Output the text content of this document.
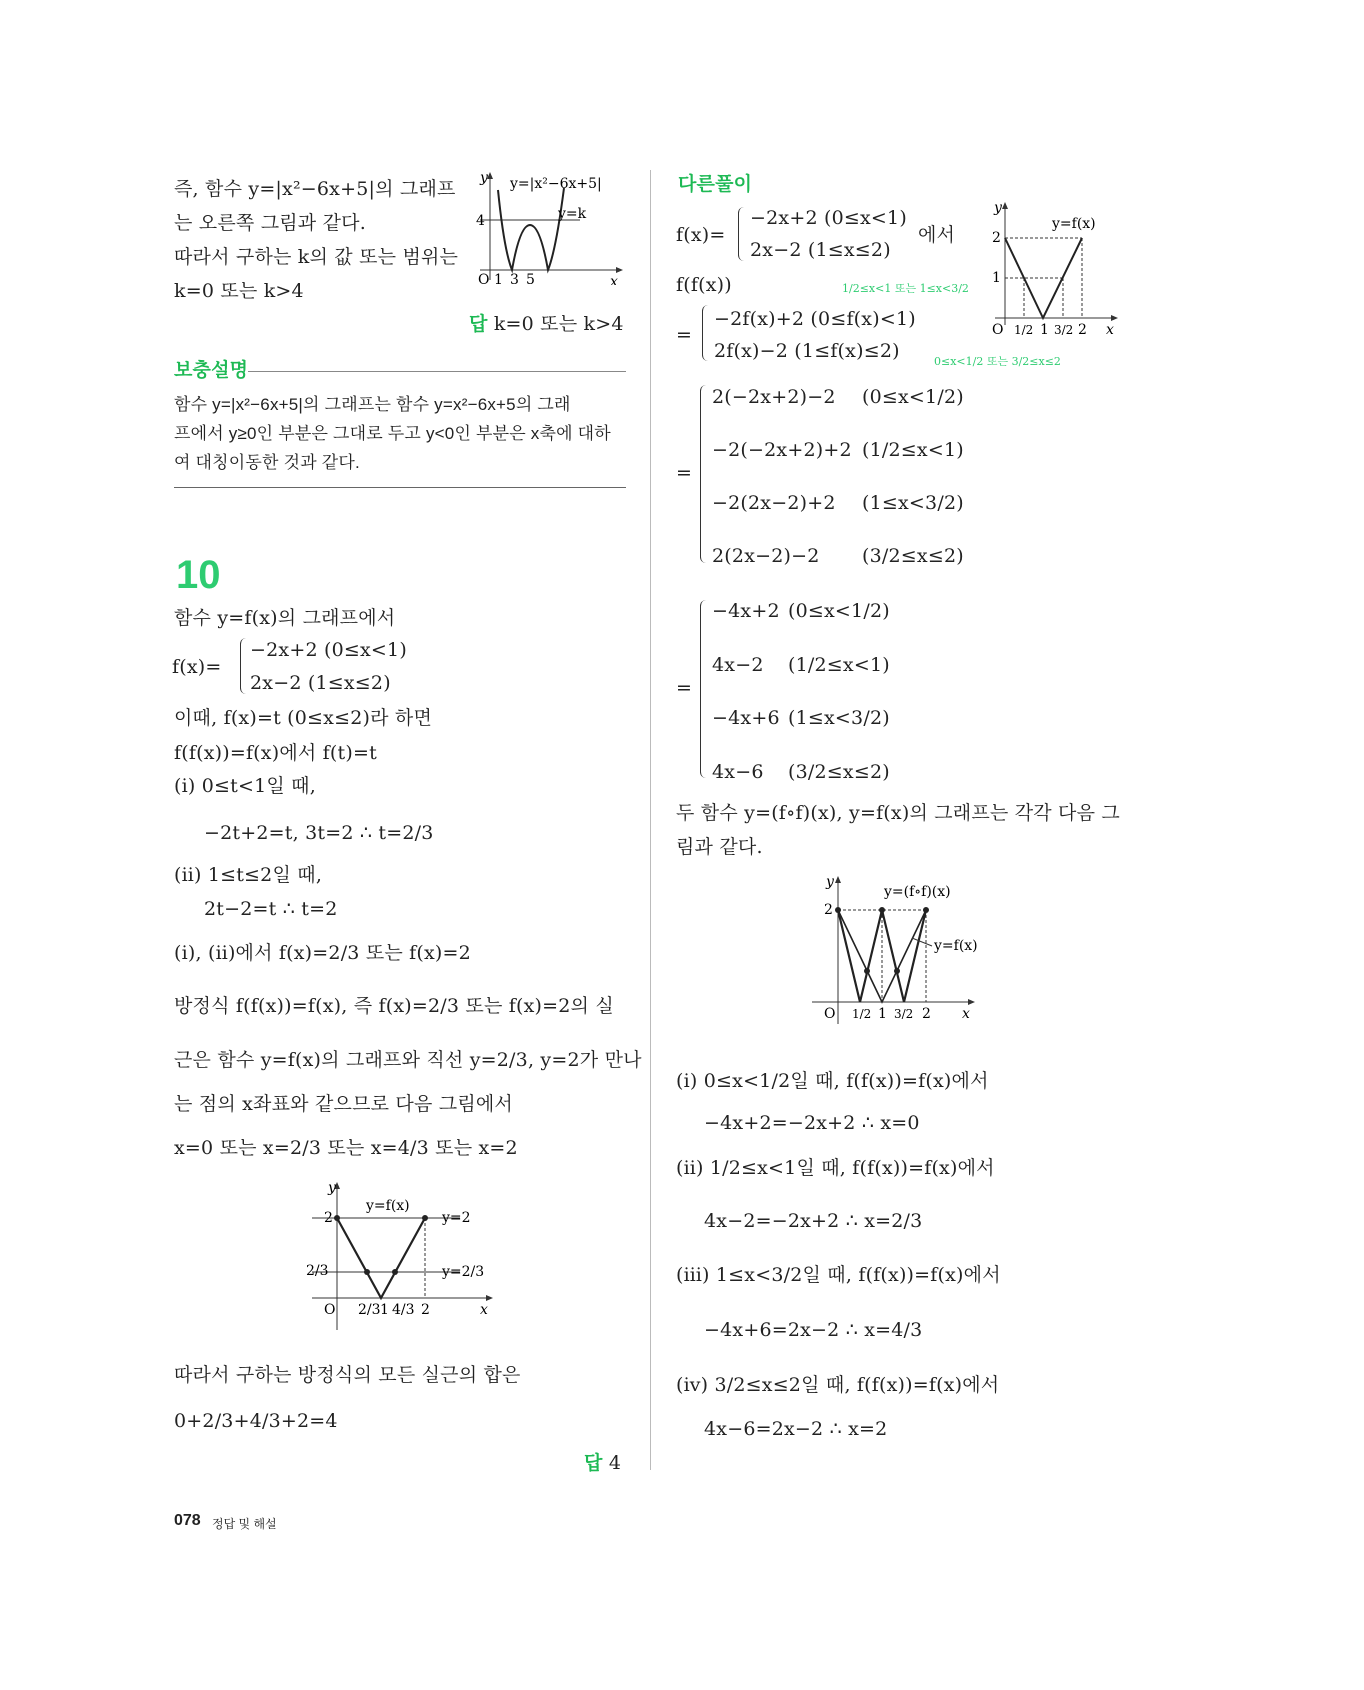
즉, 함수 y=|x²−6x+5|의 그래프
는 오른쪽 그림과 같다.
따라서 구하는 k의 값 또는 범위는
k=0 또는 k>4
y
x
y=|x²−6x+5|
y=k
4
O 1 3 5
답 k=0 또는 k>4
보충설명
함수 y=|x²−6x+5|의 그래프는 함수 y=x²−6x+5의 그래
프에서 y≥0인 부분은 그대로 두고 y<0인 부분은 x축에 대하
여 대칭이동한 것과 같다.
10
함수 y=f(x)의 그래프에서
f(x)=
−2x+2 (0≤x<1)
2x−2 (1≤x≤2)
이때, f(x)=t (0≤x≤2)라 하면
f(f(x))=f(x)에서 f(t)=t
(ⅰ) 0≤t<1일 때,
−2t+2=t, 3t=2 ∴ t=2/3
(ⅱ) 1≤t≤2일 때,
2t−2=t ∴ t=2
(ⅰ), (ⅱ)에서 f(x)=2/3 또는 f(x)=2
방정식 f(f(x))=f(x), 즉 f(x)=2/3 또는 f(x)=2의 실
근은 함수 y=f(x)의 그래프와 직선 y=2/3, y=2가 만나
는 점의 x좌표와 같으므로 다음 그림에서
x=0 또는 x=2/3 또는 x=4/3 또는 x=2
y
x
y=f(x)
y=2
y=2/3
2
2/3
O 2/3 1 4/3 2
따라서 구하는 방정식의 모든 실근의 합은
0+2/3+4/3+2=4
답 4
다른풀이
f(x)=
−2x+2 (0≤x<1)
2x−2 (1≤x≤2)
에서
f(f(x))	1/2≤x<1 또는 1≤x<3/2
=
−2f(x)+2 (0≤f(x)<1)
2f(x)−2 (1≤f(x)≤2)	0≤x<1/2 또는 3/2≤x≤2
y
x
y=f(x)
2
1
O 1/2 1 3/2 2
=
2(−2x+2)−2 (0≤x<1/2)
−2(−2x+2)+2 (1/2≤x<1)
−2(2x−2)+2 (1≤x<3/2)
2(2x−2)−2 (3/2≤x≤2)
=
−4x+2 (0≤x<1/2)
4x−2 (1/2≤x<1)
−4x+6 (1≤x<3/2)
4x−6 (3/2≤x≤2)
두 함수 y=(f∘f)(x), y=f(x)의 그래프는 각각 다음 그
림과 같다.
y
x
y=(f∘f)(x)
y=f(x)
2
O 1/2 1 3/2 2
(ⅰ) 0≤x<1/2일 때, f(f(x))=f(x)에서
−4x+2=−2x+2 ∴ x=0
(ⅱ) 1/2≤x<1일 때, f(f(x))=f(x)에서
4x−2=−2x+2 ∴ x=2/3
(ⅲ) 1≤x<3/2일 때, f(f(x))=f(x)에서
−4x+6=2x−2 ∴ x=4/3
(ⅳ) 3/2≤x≤2일 때, f(f(x))=f(x)에서
4x−6=2x−2 ∴ x=2
078 정답 및 해설
